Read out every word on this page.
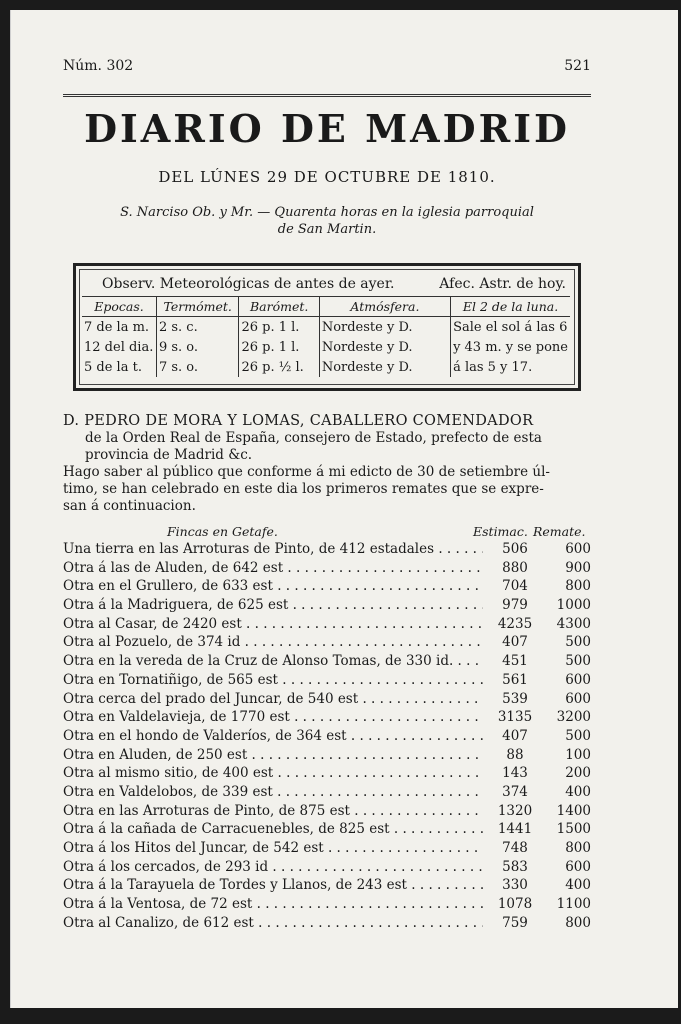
Núm. 302	521
DIARIO DE MADRID
DEL LÚNES 29 DE OCTUBRE DE 1810.
S. Narciso Ob. y Mr. — Quarenta horas en la iglesia parroquial
de San Martin.
Observ. Meteorológicas de antes de ayer.	Afec. Astr. de hoy.
Epocas.	Termómet.	Barómet.	Atmósfera.	El 2 de la luna.
7 de la m.	2 s. c.	26 p. 1 l.	Nordeste y D.	Sale el sol á las 6
12 del dia.	9 s. o.	26 p. 1 l.	Nordeste y D.	y 43 m. y se pone
5 de la t.	7 s. o.	26 p. ½ l.	Nordeste y D.	á las 5 y 17.
D. PEDRO DE MORA Y LOMAS, CABALLERO COMENDADOR
de la Orden Real de España, consejero de Estado, prefecto de esta
provincia de Madrid &c.
Hago saber al público que conforme á mi edicto de 30 de setiembre úl-
timo, se han celebrado en este dia los primeros remates que se expre-
san á continuacion.
Fincas en Getafe.	Estimac. Remate.
Una tierra en las Arroturas de Pinto, de 412 estadales . . .	506	600
Otra á las de Aluden, de 642 est . . .	880	900
Otra en el Grullero, de 633 est . . .	704	800
Otra á la Madriguera, de 625 est . . .	979	1000
Otra al Casar, de 2420 est . . .	4235	4300
Otra al Pozuelo, de 374 id . . .	407	500
Otra en la vereda de la Cruz de Alonso Tomas, de 330 id. . . .	451	500
Otra en Tornatiñigo, de 565 est . . .	561	600
Otra cerca del prado del Juncar, de 540 est . . .	539	600
Otra en Valdelavieja, de 1770 est . . .	3135	3200
Otra en el hondo de Valderíos, de 364 est . . .	407	500
Otra en Aluden, de 250 est . . .	88	100
Otra al mismo sitio, de 400 est . . .	143	200
Otra en Valdelobos, de 339 est . . .	374	400
Otra en las Arroturas de Pinto, de 875 est . . .	1320	1400
Otra á la cañada de Carracuenebles, de 825 est . . .	1441	1500
Otra á los Hitos del Juncar, de 542 est . . .	748	800
Otra á los cercados, de 293 id . . .	583	600
Otra á la Tarayuela de Tordes y Llanos, de 243 est . . .	330	400
Otra á la Ventosa, de 72 est . . .	1078	1100
Otra al Canalizo, de 612 est . . .	759	800
